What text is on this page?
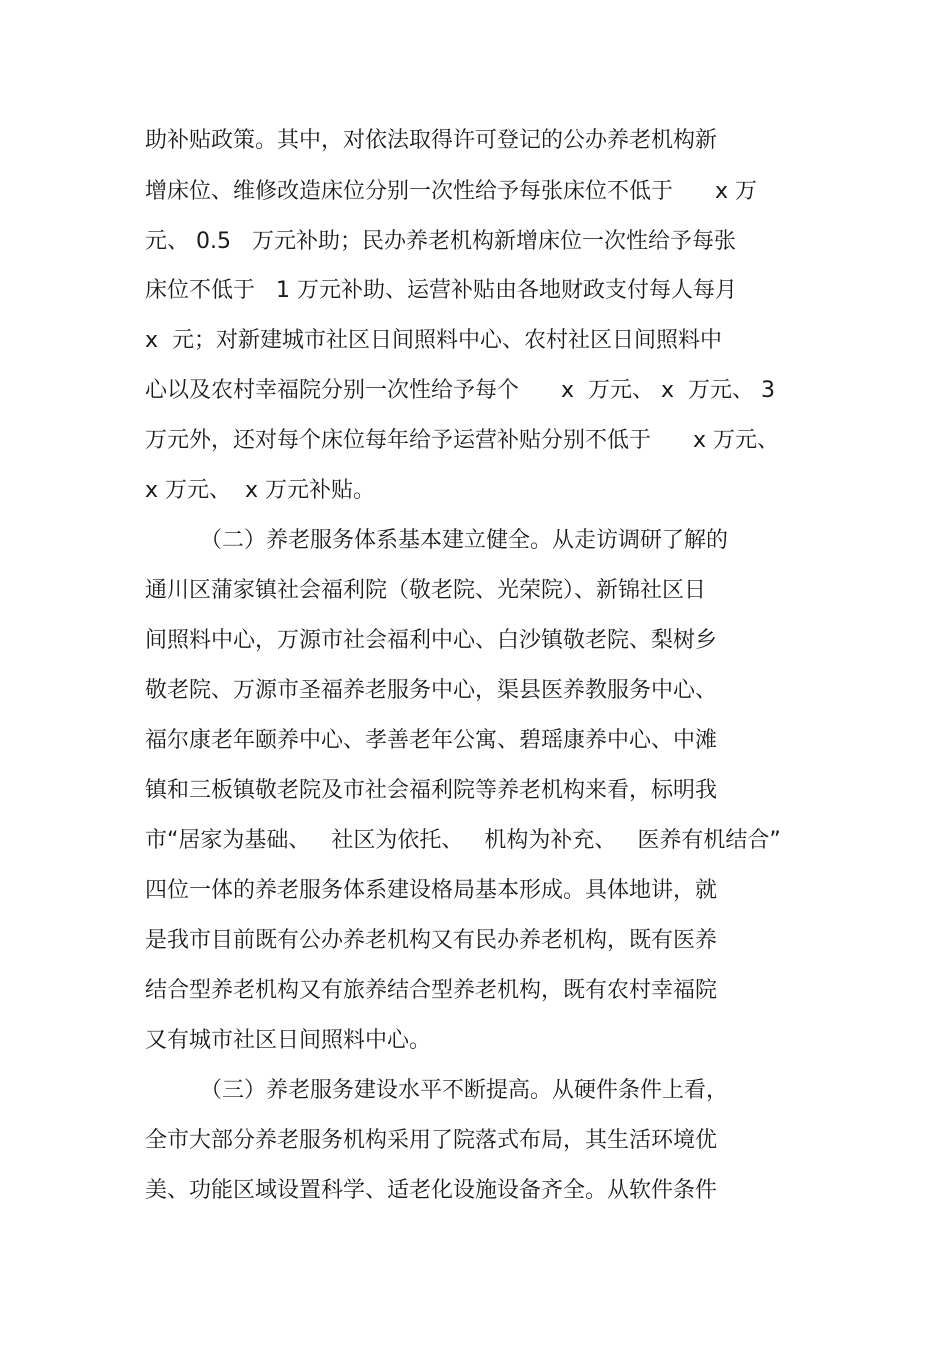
助补贴政策。其中，对依法取得许可登记的公办养老机构新
增床位、维修改造床位分别一次性给予每张床位不低于      x 万
元、 0.5   万元补助；民办养老机构新增床位一次性给予每张
床位不低于   1 万元补助、运营补贴由各地财政支付每人每月
x  元；对新建城市社区日间照料中心、农村社区日间照料中
心以及农村幸福院分别一次性给予每个      x  万元、 x  万元、 3
万元外，还对每个床位每年给予运营补贴分别不低于      x 万元、
x 万元、  x 万元补贴。
（二）养老服务体系基本建立健全。从走访调研了解的
通川区蒲家镇社会福利院（敬老院、光荣院）、新锦社区日
间照料中心，万源市社会福利中心、白沙镇敬老院、梨树乡
敬老院、万源市圣福养老服务中心，渠县医养教服务中心、
福尔康老年颐养中心、孝善老年公寓、碧瑶康养中心、中滩
镇和三板镇敬老院及市社会福利院等养老机构来看，标明我
市“居家为基础、   社区为依托、   机构为补充、   医养有机结合”
四位一体的养老服务体系建设格局基本形成。具体地讲，就
是我市目前既有公办养老机构又有民办养老机构，既有医养
结合型养老机构又有旅养结合型养老机构，既有农村幸福院
又有城市社区日间照料中心。
（三）养老服务建设水平不断提高。从硬件条件上看，
全市大部分养老服务机构采用了院落式布局，其生活环境优
美、功能区域设置科学、适老化设施设备齐全。从软件条件
